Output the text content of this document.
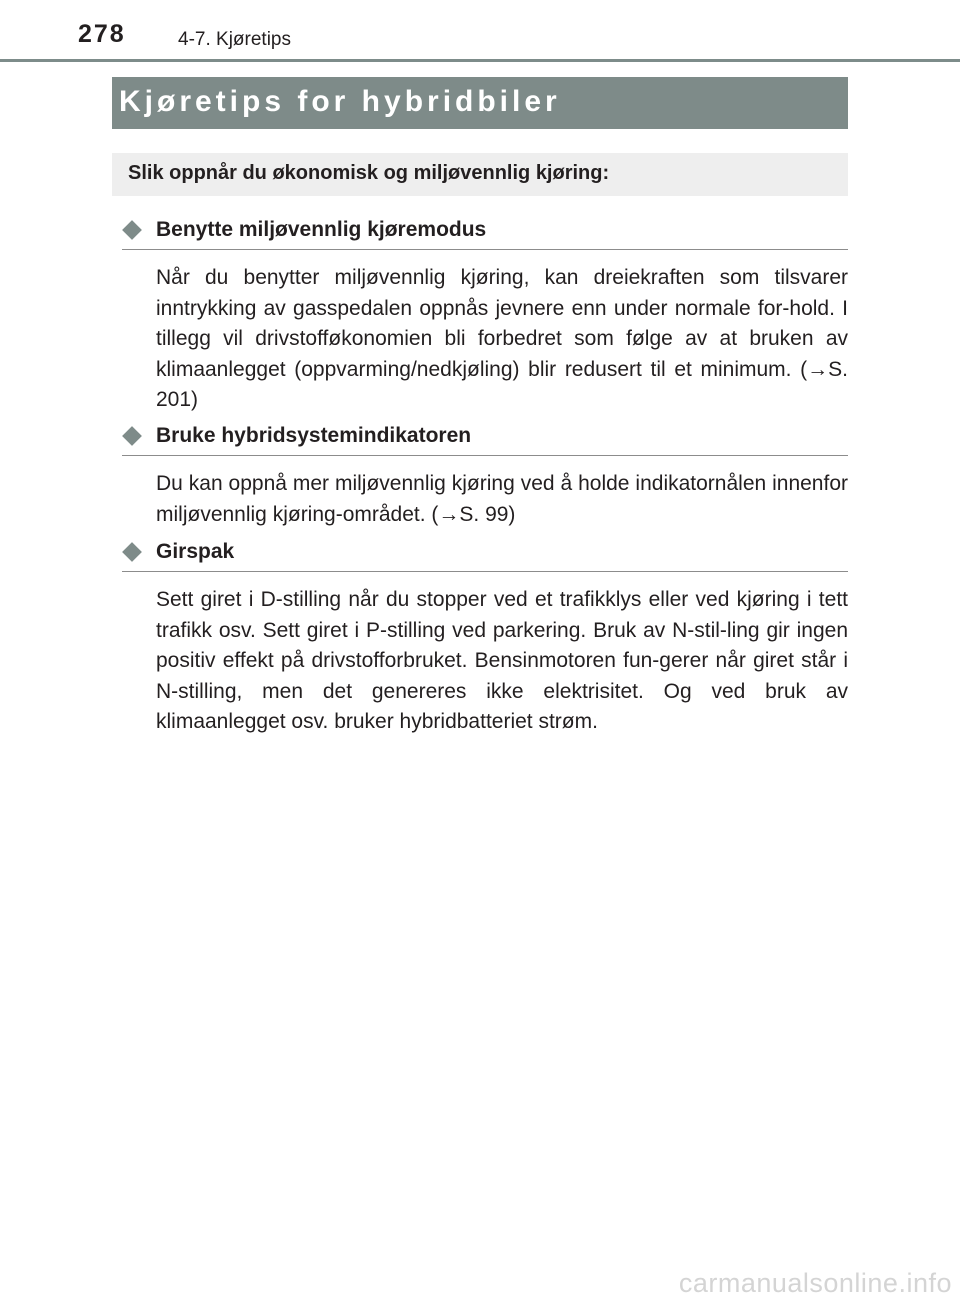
278	4-7. Kjøretips
Kjøretips for hybridbiler
Slik oppnår du økonomisk og miljøvennlig kjøring:
Benytte miljøvennlig kjøremodus
Når du benytter miljøvennlig kjøring, kan dreiekraften som tilsvarer inntrykking av gasspedalen oppnås jevnere enn under normale for-hold. I tillegg vil drivstofføkonomien bli forbedret som følge av at bruken av klimaanlegget (oppvarming/nedkjøling) blir redusert til et minimum. (→S. 201)
Bruke hybridsystemindikatoren
Du kan oppnå mer miljøvennlig kjøring ved å holde indikatornålen innenfor miljøvennlig kjøring-området. (→S. 99)
Girspak
Sett giret i D-stilling når du stopper ved et trafikklys eller ved kjøring i tett trafikk osv. Sett giret i P-stilling ved parkering. Bruk av N-stil-ling gir ingen positiv effekt på drivstofforbruket. Bensinmotoren fun-gerer når giret står i N-stilling, men det genereres ikke elektrisitet. Og ved bruk av klimaanlegget osv. bruker hybridbatteriet strøm.
carmanualsonline.info
